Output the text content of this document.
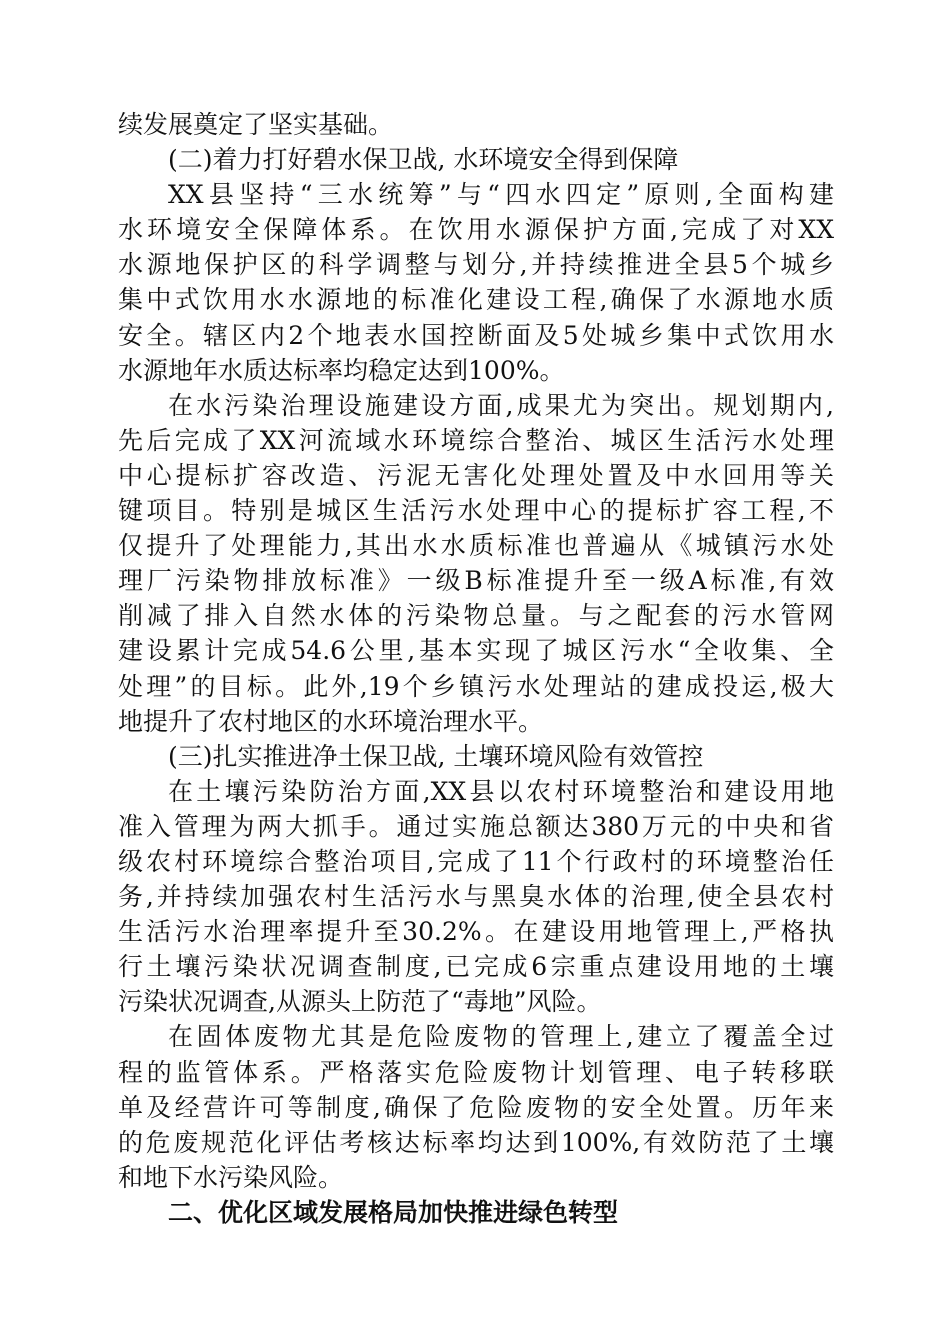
续发展奠定了坚实基础。
(二)着力打好碧水保卫战, 水环境安全得到保障
XX县坚持“三水统筹”与“四水四定”原则,全面构建
水环境安全保障体系。在饮用水源保护方面,完成了对XX
水源地保护区的科学调整与划分,并持续推进全县5个城乡
集中式饮用水水源地的标准化建设工程,确保了水源地水质
安全。辖区内2个地表水国控断面及5处城乡集中式饮用水
水源地年水质达标率均稳定达到100%。
在水污染治理设施建设方面,成果尤为突出。规划期内,
先后完成了XX河流域水环境综合整治、城区生活污水处理
中心提标扩容改造、污泥无害化处理处置及中水回用等关
键项目。特别是城区生活污水处理中心的提标扩容工程,不
仅提升了处理能力,其出水水质标准也普遍从《城镇污水处
理厂污染物排放标准》一级B标准提升至一级A标准,有效
削减了排入自然水体的污染物总量。与之配套的污水管网
建设累计完成54.6公里,基本实现了城区污水“全收集、全
处理”的目标。此外,19个乡镇污水处理站的建成投运,极大
地提升了农村地区的水环境治理水平。
(三)扎实推进净土保卫战, 土壤环境风险有效管控
在土壤污染防治方面,XX县以农村环境整治和建设用地
准入管理为两大抓手。通过实施总额达380万元的中央和省
级农村环境综合整治项目,完成了11个行政村的环境整治任
务,并持续加强农村生活污水与黑臭水体的治理,使全县农村
生活污水治理率提升至30.2%。在建设用地管理上,严格执
行土壤污染状况调查制度,已完成6宗重点建设用地的土壤
污染状况调查,从源头上防范了“毒地”风险。
在固体废物尤其是危险废物的管理上,建立了覆盖全过
程的监管体系。严格落实危险废物计划管理、电子转移联
单及经营许可等制度,确保了危险废物的安全处置。历年来
的危废规范化评估考核达标率均达到100%,有效防范了土壤
和地下水污染风险。
二、优化区域发展格局加快推进绿色转型
